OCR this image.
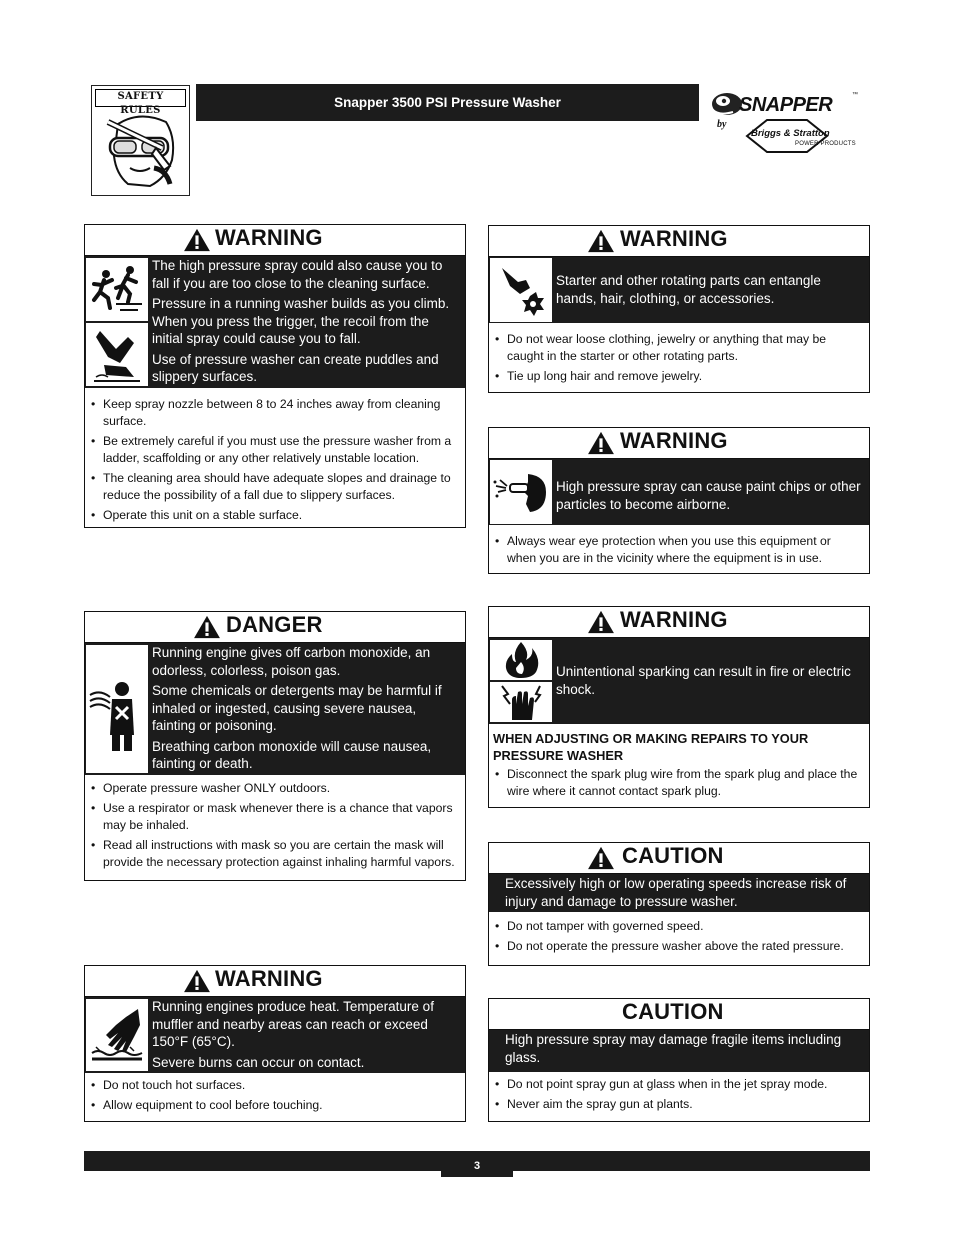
SAFETY RULES
Snapper 3500 PSI Pressure Washer	SNAPPER	™
by
Briggs & Stratton
POWER PRODUCTS
WARNING

The high pressure spray could also cause you to fall if you are too close to the cleaning surface.

Pressure in a running washer builds as you climb. When you press the trigger, the recoil from the initial spray could cause you to fall.

Use of pressure washer can create puddles and slippery surfaces.

• Keep spray nozzle between 8 to 24 inches away from cleaning surface.
• Be extremely careful if you must use the pressure washer from a ladder, scaffolding or any other relatively unstable location.
• The cleaning area should have adequate slopes and drainage to reduce the possibility of a fall due to slippery surfaces.
• Operate this unit on a stable surface.
WARNING

Starter and other rotating parts can entangle hands, hair, clothing, or accessories.

• Do not wear loose clothing, jewelry or anything that may be caught in the starter or other rotating parts.
• Tie up long hair and remove jewelry.
WARNING

High pressure spray can cause paint chips or other particles to become airborne.

• Always wear eye protection when you use this equipment or when you are in the vicinity where the equipment is in use.
DANGER

Running engine gives off carbon monoxide, an odorless, colorless, poison gas.

Some chemicals or detergents may be harmful if inhaled or ingested, causing severe nausea, fainting or poisoning.

Breathing carbon monoxide will cause nausea, fainting or death.

• Operate pressure washer ONLY outdoors.
• Use a respirator or mask whenever there is a chance that vapors may be inhaled.
• Read all instructions with mask so you are certain the mask will provide the necessary protection against inhaling harmful vapors.
WARNING

Unintentional sparking can result in fire or electric shock.

WHEN ADJUSTING OR MAKING REPAIRS TO YOUR PRESSURE WASHER
• Disconnect the spark plug wire from the spark plug and place the wire where it cannot contact spark plug.
CAUTION

Excessively high or low operating speeds increase risk of injury and damage to pressure washer.

• Do not tamper with governed speed.
• Do not operate the pressure washer above the rated pressure.
WARNING

Running engines produce heat. Temperature of muffler and nearby areas can reach or exceed 150°F (65°C).

Severe burns can occur on contact.

• Do not touch hot surfaces.
• Allow equipment to cool before touching.
CAUTION

High pressure spray may damage fragile items including glass.

• Do not point spray gun at glass when in the jet spray mode.
• Never aim the spray gun at plants.
3
